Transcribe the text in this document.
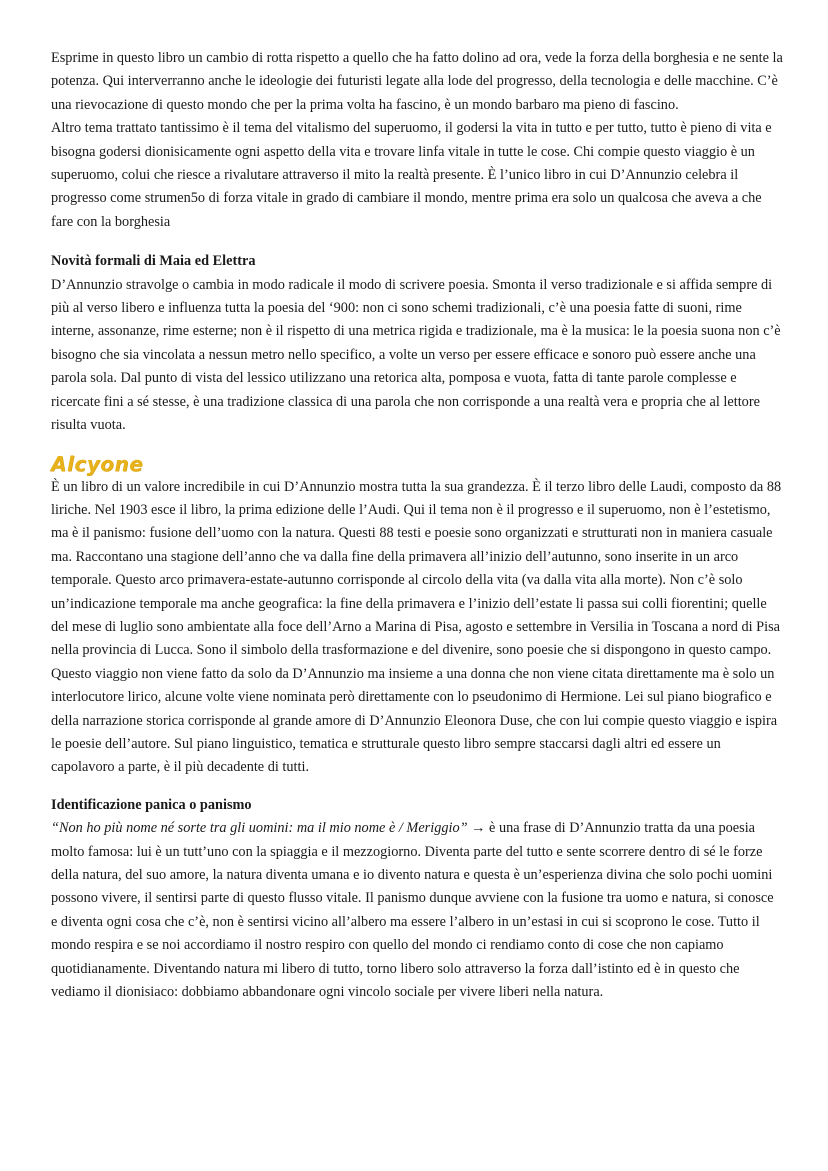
Esprime in questo libro un cambio di rotta rispetto a quello che ha fatto dolino ad ora, vede la forza della borghesia e ne sente la potenza. Qui interverranno anche le ideologie dei futuristi legate alla lode del progresso, della tecnologia e delle macchine. C’è una rievocazione di questo mondo che per la prima volta ha fascino, è un mondo barbaro ma pieno di fascino.

Altro tema trattato tantissimo è il tema del vitalismo del superuomo, il godersi la vita in tutto e per tutto, tutto è pieno di vita e bisogna godersi dionisicamente ogni aspetto della vita e trovare linfa vitale in tutte le cose. Chi compie questo viaggio è un superuomo, colui che riesce a rivalutare attraverso il mito la realtà presente. È l’unico libro in cui D’Annunzio celebra il progresso come strumen5o di forza vitale in grado di cambiare il mondo, mentre prima era solo un qualcosa che aveva a che fare con la borghesia

Novità formali di Maia ed Elettra

D’Annunzio stravolge o cambia in modo radicale il modo di scrivere poesia. Smonta il verso tradizionale e si affida sempre di più al verso libero e influenza tutta la poesia del ‘900: non ci sono schemi tradizionali, c’è una poesia fatte di suoni, rime interne, assonanze, rime esterne; non è il rispetto di una metrica rigida e tradizionale, ma è la musica: le la poesia suona non c’è bisogno che sia vincolata a nessun metro nello specifico, a volte un verso per essere efficace e sonoro può essere anche una parola sola. Dal punto di vista del lessico utilizzano una retorica alta, pomposa e vuota, fatta di tante parole complesse e ricercate fini a sé stesse, è una tradizione classica di una parola che non corrisponde a una realtà vera e propria che al lettore risulta vuota.

Alcyone

È un libro di un valore incredibile in cui D’Annunzio mostra tutta la sua grandezza. È il terzo libro delle Laudi, composto da 88 liriche. Nel 1903 esce il libro, la prima edizione delle l’Audi. Qui il tema non è il progresso e il superuomo, non è l’estetismo, ma è il panismo: fusione dell’uomo con la natura. Questi 88 testi e poesie sono organizzati e strutturati non in maniera casuale ma. Raccontano una stagione dell’anno che va dalla fine della primavera all’inizio dell’autunno, sono inserite in un arco temporale. Questo arco primavera-estate-autunno corrisponde al circolo della vita (va dalla vita alla morte). Non c’è solo un’indicazione temporale ma anche geografica: la fine della primavera e l’inizio dell’estate li passa sui colli fiorentini; quelle del mese di luglio sono ambientate alla foce dell’Arno a Marina di Pisa, agosto e settembre in Versilia in Toscana a nord di Pisa nella provincia di Lucca. Sono il simbolo della trasformazione e del divenire, sono poesie che si dispongono in questo campo. Questo viaggio non viene fatto da solo da D’Annunzio ma insieme a una donna che non viene citata direttamente ma è solo un interlocutore lirico, alcune volte viene nominata però direttamente con lo pseudonimo di Hermione. Lei sul piano biografico e della narrazione storica corrisponde al grande amore di D’Annunzio Eleonora Duse, che con lui compie questo viaggio e ispira le poesie dell’autore. Sul piano linguistico, tematica e strutturale questo libro sempre staccarsi dagli altri ed essere un capolavoro a parte, è il più decadente di tutti.

Identificazione panica o panismo

“Non ho più nome né sorte tra gli uomini: ma il mio nome è / Meriggio” → è una frase di D’Annunzio tratta da una poesia molto famosa: lui è un tutt’uno con la spiaggia e il mezzogiorno. Diventa parte del tutto e sente scorrere dentro di sé le forze della natura, del suo amore, la natura diventa umana e io divento natura e questa è un’esperienza divina che solo pochi uomini possono vivere, il sentirsi parte di questo flusso vitale. Il panismo dunque avviene con la fusione tra uomo e natura, si conosce e diventa ogni cosa che c’è, non è sentirsi vicino all’albero ma essere l’albero in un’estasi in cui si scoprono le cose. Tutto il mondo respira e se noi accordiamo il nostro respiro con quello del mondo ci rendiamo conto di cose che non capiamo quotidianamente. Diventando natura mi libero di tutto, torno libero solo attraverso la forza dall’istinto ed è in questo che vediamo il dionisiaco: dobbiamo abbandonare ogni vincolo sociale per vivere liberi nella natura.
